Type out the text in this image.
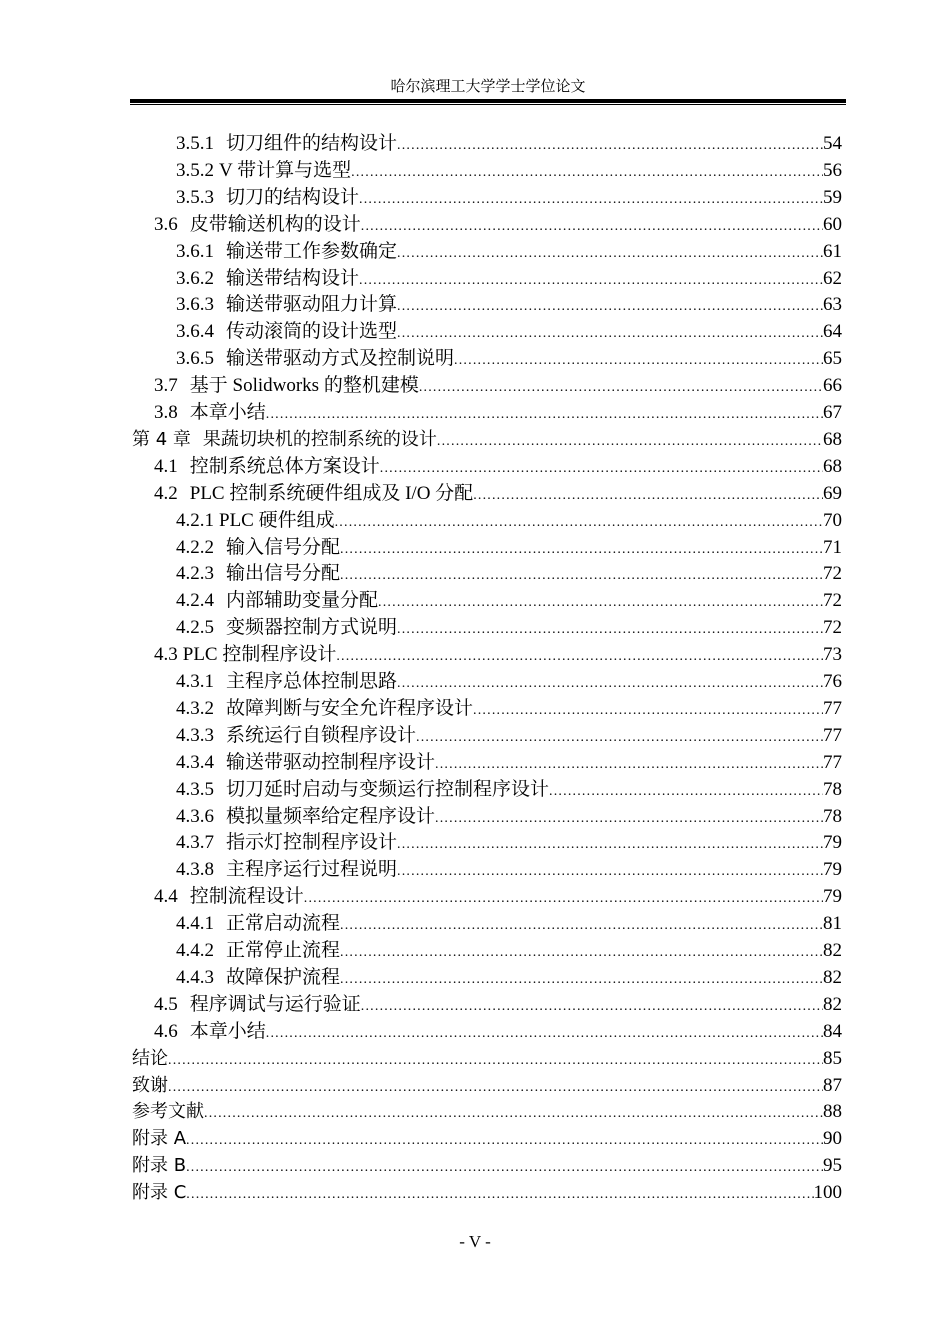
哈尔滨理工大学学士学位论文
3.5.1 切刀组件的结构设计 .....	54
3.5.2 V 带计算与选型 .....	56
3.5.3 切刀的结构设计 .....	59
3.6 皮带输送机构的设计 .....	60
3.6.1 输送带工作参数确定 .....	61
3.6.2 输送带结构设计 .....	62
3.6.3 输送带驱动阻力计算 .....	63
3.6.4 传动滚筒的设计选型 .....	64
3.6.5 输送带驱动方式及控制说明 .....	65
3.7 基于 Solidworks 的整机建模 .....	66
3.8 本章小结 .....	67
第 4 章 果蔬切块机的控制系统的设计 .....	68
4.1 控制系统总体方案设计 .....	68
4.2 PLC 控制系统硬件组成及 I/O 分配 .....	69
4.2.1 PLC 硬件组成 .....	70
4.2.2 输入信号分配 .....	71
4.2.3 输出信号分配 .....	72
4.2.4 内部辅助变量分配 .....	72
4.2.5 变频器控制方式说明 .....	72
4.3 PLC 控制程序设计 .....	73
4.3.1 主程序总体控制思路 .....	76
4.3.2 故障判断与安全允许程序设计 .....	77
4.3.3 系统运行自锁程序设计 .....	77
4.3.4 输送带驱动控制程序设计 .....	77
4.3.5 切刀延时启动与变频运行控制程序设计 .....	78
4.3.6 模拟量频率给定程序设计 .....	78
4.3.7 指示灯控制程序设计 .....	79
4.3.8 主程序运行过程说明 .....	79
4.4 控制流程设计 .....	79
4.4.1 正常启动流程 .....	81
4.4.2 正常停止流程 .....	82
4.4.3 故障保护流程 .....	82
4.5 程序调试与运行验证 .....	82
4.6 本章小结 .....	84
结论 .....	85
致谢 .....	87
参考文献 .....	88
附录 A .....	90
附录 B .....	95
附录 C .....	100
- V -
